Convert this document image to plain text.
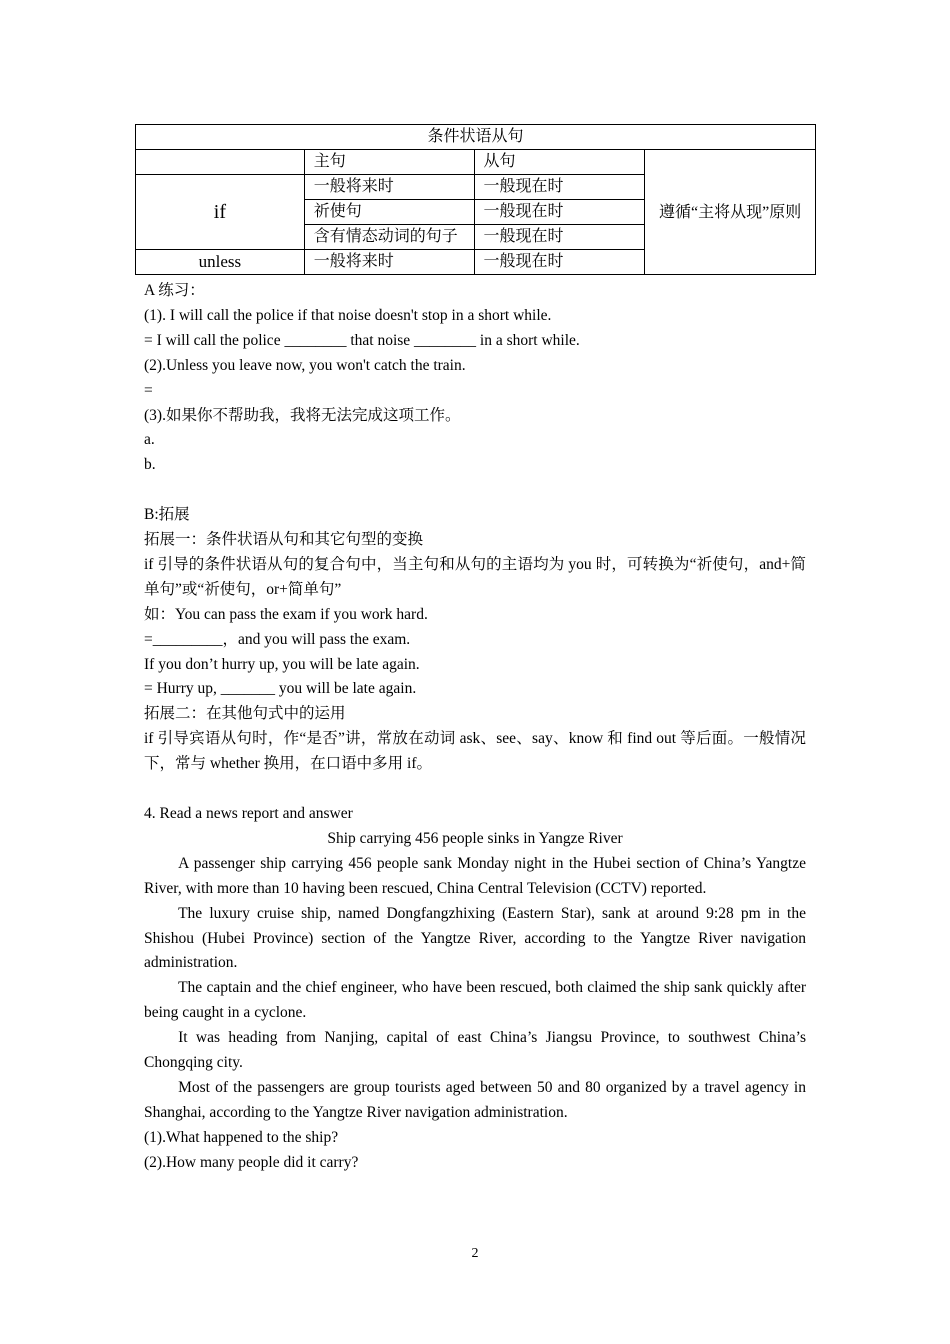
条件状语从句			
	主句	从句	遵循“主将从现”原则
if	一般将来时	一般现在时	
	祈使句	一般现在时	
	含有情态动词的句子	一般现在时	
unless	一般将来时	一般现在时	
A 练习：
(1). I will call the police if that noise doesn't stop in a short while.
= I will call the police ________ that noise ________ in a short while.
(2).Unless you leave now, you won't catch the train.
=
(3).如果你不帮助我，我将无法完成这项工作。
a.
b.
B:拓展
拓展一：条件状语从句和其它句型的变换
if 引导的条件状语从句的复合句中，当主句和从句的主语均为 you 时，可转换为“祈使句，and+简单句”或“祈使句，or+简单句”
如：You can pass the exam if you work hard.
=_________，and you will pass the exam.
If you don’t hurry up, you will be late again.
= Hurry up, _______ you will be late again.
拓展二：在其他句式中的运用
if 引导宾语从句时，作“是否”讲，常放在动词 ask、see、say、know 和 find out 等后面。一般情况下，常与 whether 换用，在口语中多用 if。
4. Read a news report and answer
Ship carrying 456 people sinks in Yangze River
A passenger ship carrying 456 people sank Monday night in the Hubei section of China’s Yangtze River, with more than 10 having been rescued, China Central Television (CCTV) reported.
The luxury cruise ship, named Dongfangzhixing (Eastern Star), sank at around 9:28 pm in the Shishou (Hubei Province) section of the Yangtze River, according to the Yangtze River navigation administration.
The captain and the chief engineer, who have been rescued, both claimed the ship sank quickly after being caught in a cyclone.
It was heading from Nanjing, capital of east China’s Jiangsu Province, to southwest China’s Chongqing city.
Most of the passengers are group tourists aged between 50 and 80 organized by a travel agency in Shanghai, according to the Yangtze River navigation administration.
(1).What happened to the ship?
(2).How many people did it carry?
2
